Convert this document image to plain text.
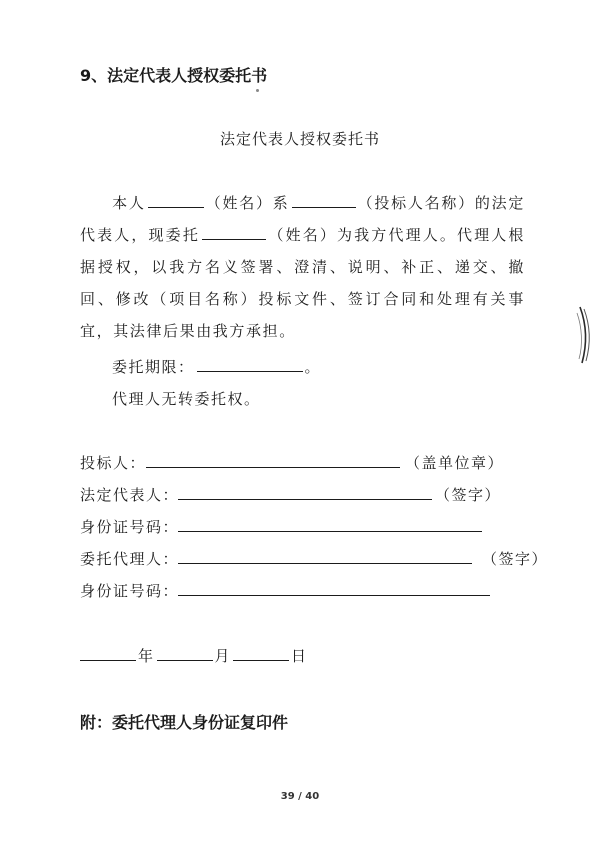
9、法定代表人授权委托书
法定代表人授权委托书
本人	（姓名）系	（投标人名称）的法定代表人，现委托	（姓名）为我方代理人。代理人根据授权，以我方名义签署、澄清、说明、补正、递交、撤回、修改（项目名称）投标文件、签订合同和处理有关事宜，其法律后果由我方承担。
委托期限：	。
代理人无转委托权。
投标人：	（盖单位章）
法定代表人：	（签字）
身份证号码：
委托代理人：	（签字）
身份证号码：
年	月	日
附：委托代理人身份证复印件
39 / 40
